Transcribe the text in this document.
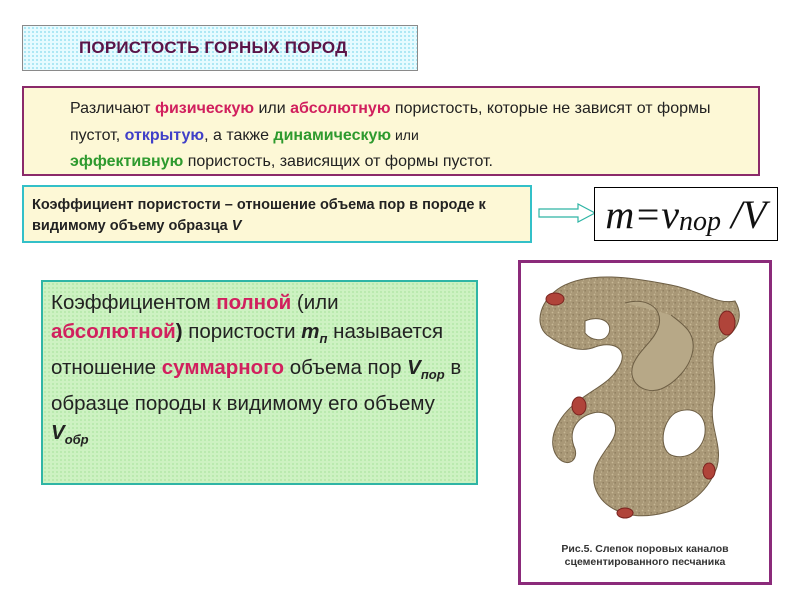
ПОРИСТОСТЬ ГОРНЫХ ПОРОД
Различают физическую или абсолютную пористость, которые не зависят от формы пустот, открытую, а также динамическую или
эффективную пористость, зависящих от формы пустот.
Коэффициент пористости – отношение объема пор в породе к видимому объему образца V	m = v пор / V
Коэффициентом полной (или абсолютной) пористости $m_п$ называется отношение суммарного объема пор $V_{пор}$ в образце породы к видимому его объему $V_{обр}$
Рис.5. Слепок поровых каналов
сцементированного песчаника
